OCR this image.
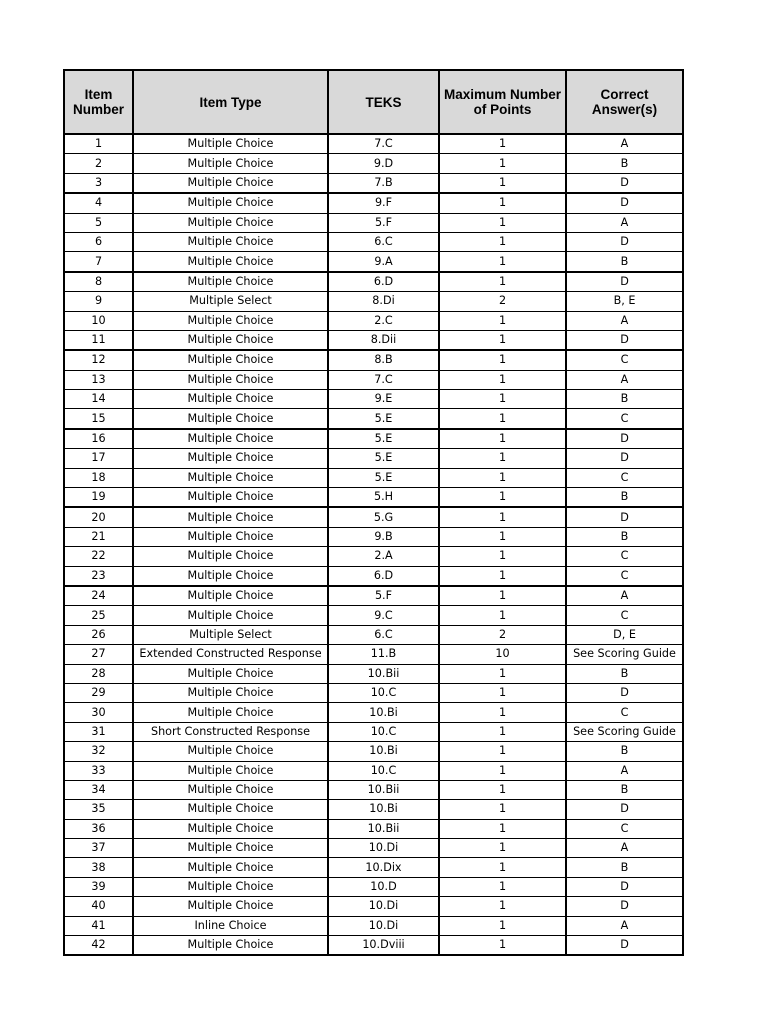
Item Number	Item Type	TEKS	Maximum Number of Points	Correct Answer(s)
1	Multiple Choice	7.C	1	A
2	Multiple Choice	9.D	1	B
3	Multiple Choice	7.B	1	D
4	Multiple Choice	9.F	1	D
5	Multiple Choice	5.F	1	A
6	Multiple Choice	6.C	1	D
7	Multiple Choice	9.A	1	B
8	Multiple Choice	6.D	1	D
9	Multiple Select	8.Di	2	B, E
10	Multiple Choice	2.C	1	A
11	Multiple Choice	8.Dii	1	D
12	Multiple Choice	8.B	1	C
13	Multiple Choice	7.C	1	A
14	Multiple Choice	9.E	1	B
15	Multiple Choice	5.E	1	C
16	Multiple Choice	5.E	1	D
17	Multiple Choice	5.E	1	D
18	Multiple Choice	5.E	1	C
19	Multiple Choice	5.H	1	B
20	Multiple Choice	5.G	1	D
21	Multiple Choice	9.B	1	B
22	Multiple Choice	2.A	1	C
23	Multiple Choice	6.D	1	C
24	Multiple Choice	5.F	1	A
25	Multiple Choice	9.C	1	C
26	Multiple Select	6.C	2	D, E
27	Extended Constructed Response	11.B	10	See Scoring Guide
28	Multiple Choice	10.Bii	1	B
29	Multiple Choice	10.C	1	D
30	Multiple Choice	10.Bi	1	C
31	Short Constructed Response	10.C	1	See Scoring Guide
32	Multiple Choice	10.Bi	1	B
33	Multiple Choice	10.C	1	A
34	Multiple Choice	10.Bii	1	B
35	Multiple Choice	10.Bi	1	D
36	Multiple Choice	10.Bii	1	C
37	Multiple Choice	10.Di	1	A
38	Multiple Choice	10.Dix	1	B
39	Multiple Choice	10.D	1	D
40	Multiple Choice	10.Di	1	D
41	Inline Choice	10.Di	1	A
42	Multiple Choice	10.Dviii	1	D
